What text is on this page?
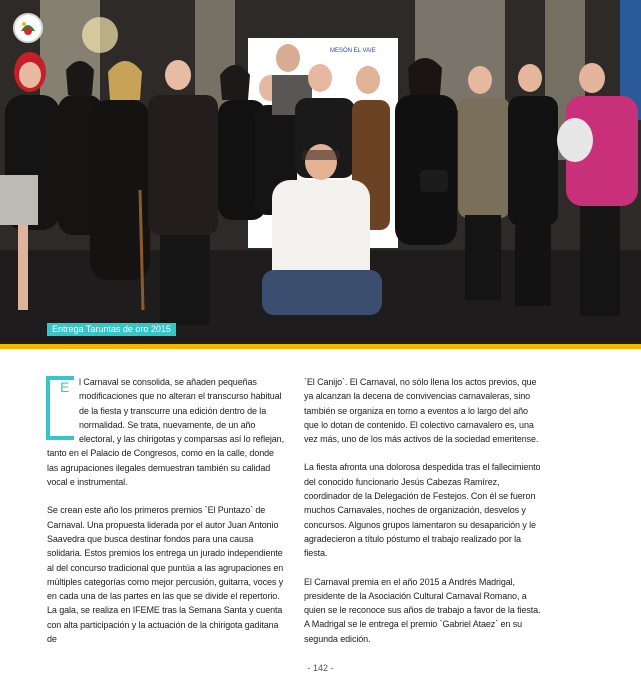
MESÓN EL VAIE
Entrega Taruntas de oro 2015

E l Carnaval se consolida, se añaden pequeñas modificaciones que no alteran el transcurso habitual de la fiesta y transcurre una edición dentro de la normalidad. Se trata, nuevamente, de un año electoral, y las chirigotas y comparsas así lo reflejan, tanto en el Palacio de Congresos, como en la calle, donde las agrupaciones ilegales demuestran también su calidad vocal e instrumental.

Se crean este año los primeros premios `El Puntazo` de Carnaval. Una propuesta liderada por el autor Juan Antonio Saavedra que busca destinar fondos para una causa solidaria. Estos premios los entrega un jurado independiente al del concurso tradicional que puntúa a las agrupaciones en múltiples categorías como mejor percusión, guitarra, voces y en cada una de las partes en las que se divide el repertorio. La gala, se realiza en IFEME tras la Semana Santa y cuenta con alta participación y la actuación de la chirigota gaditana de

`El Canijo`. El Carnaval, no sólo llena los actos previos, que ya alcanzan la decena de convivencias carnavaleras, sino también se organiza en torno a eventos a lo largo del año que lo dotan de contenido. El colectivo carnavalero es, una vez más, uno de los más activos de la sociedad emeritense.

La fiesta afronta una dolorosa despedida tras el fallecimiento del conocido funcionario Jesús Cabezas Ramírez, coordinador de la Delegación de Festejos. Con él se fueron muchos Carnavales, noches de organización, desvelos y concursos. Algunos grupos lamentaron su desaparición y le agradecieron a título póstumo el trabajo realizado por la fiesta.

El Carnaval premia en el año 2015 a Andrés Madrigal, presidente de la Asociación Cultural Carnaval Romano, a quien se le reconoce sus años de trabajo a favor de la fiesta. A Madrigal se le entrega el premio `Gabriel Ataez` en su segunda edición.

- 142 -
